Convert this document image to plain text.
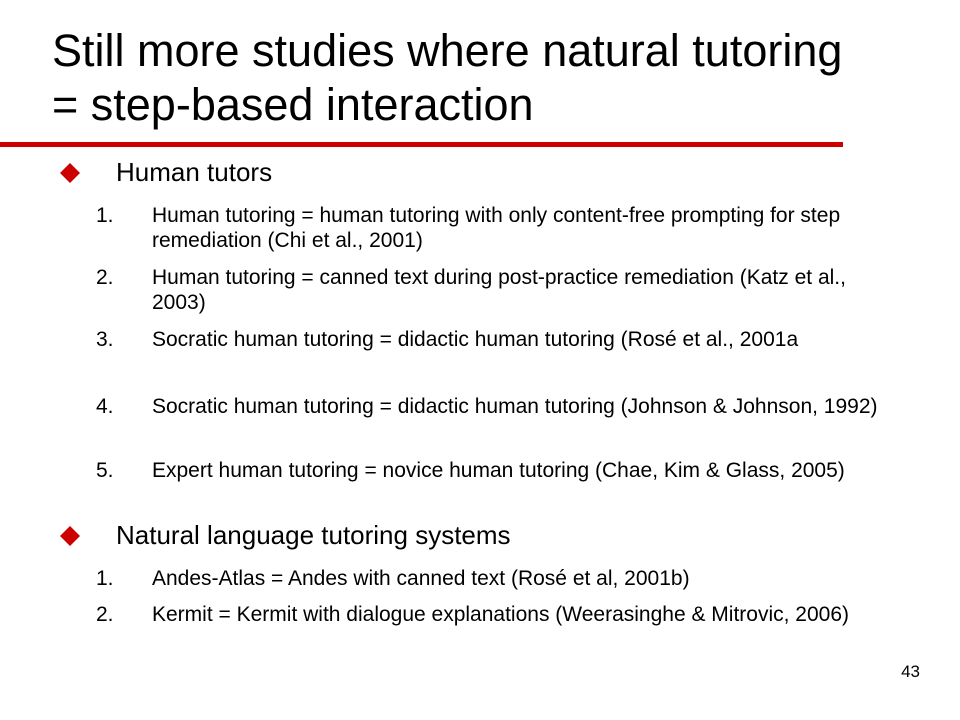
Still more studies where natural tutoring = step-based interaction
Human tutors
1. Human tutoring = human tutoring with only content-free prompting for step remediation (Chi et al., 2001)
2. Human tutoring = canned text during post-practice remediation (Katz et al., 2003)
3. Socratic human tutoring = didactic human tutoring (Rosé et al., 2001a
4. Socratic human tutoring = didactic human tutoring (Johnson & Johnson, 1992)
5. Expert human tutoring = novice human tutoring (Chae, Kim & Glass, 2005)
Natural language tutoring systems
1. Andes-Atlas = Andes with canned text (Rosé et al, 2001b)
2. Kermit = Kermit with dialogue explanations (Weerasinghe & Mitrovic, 2006)
43
